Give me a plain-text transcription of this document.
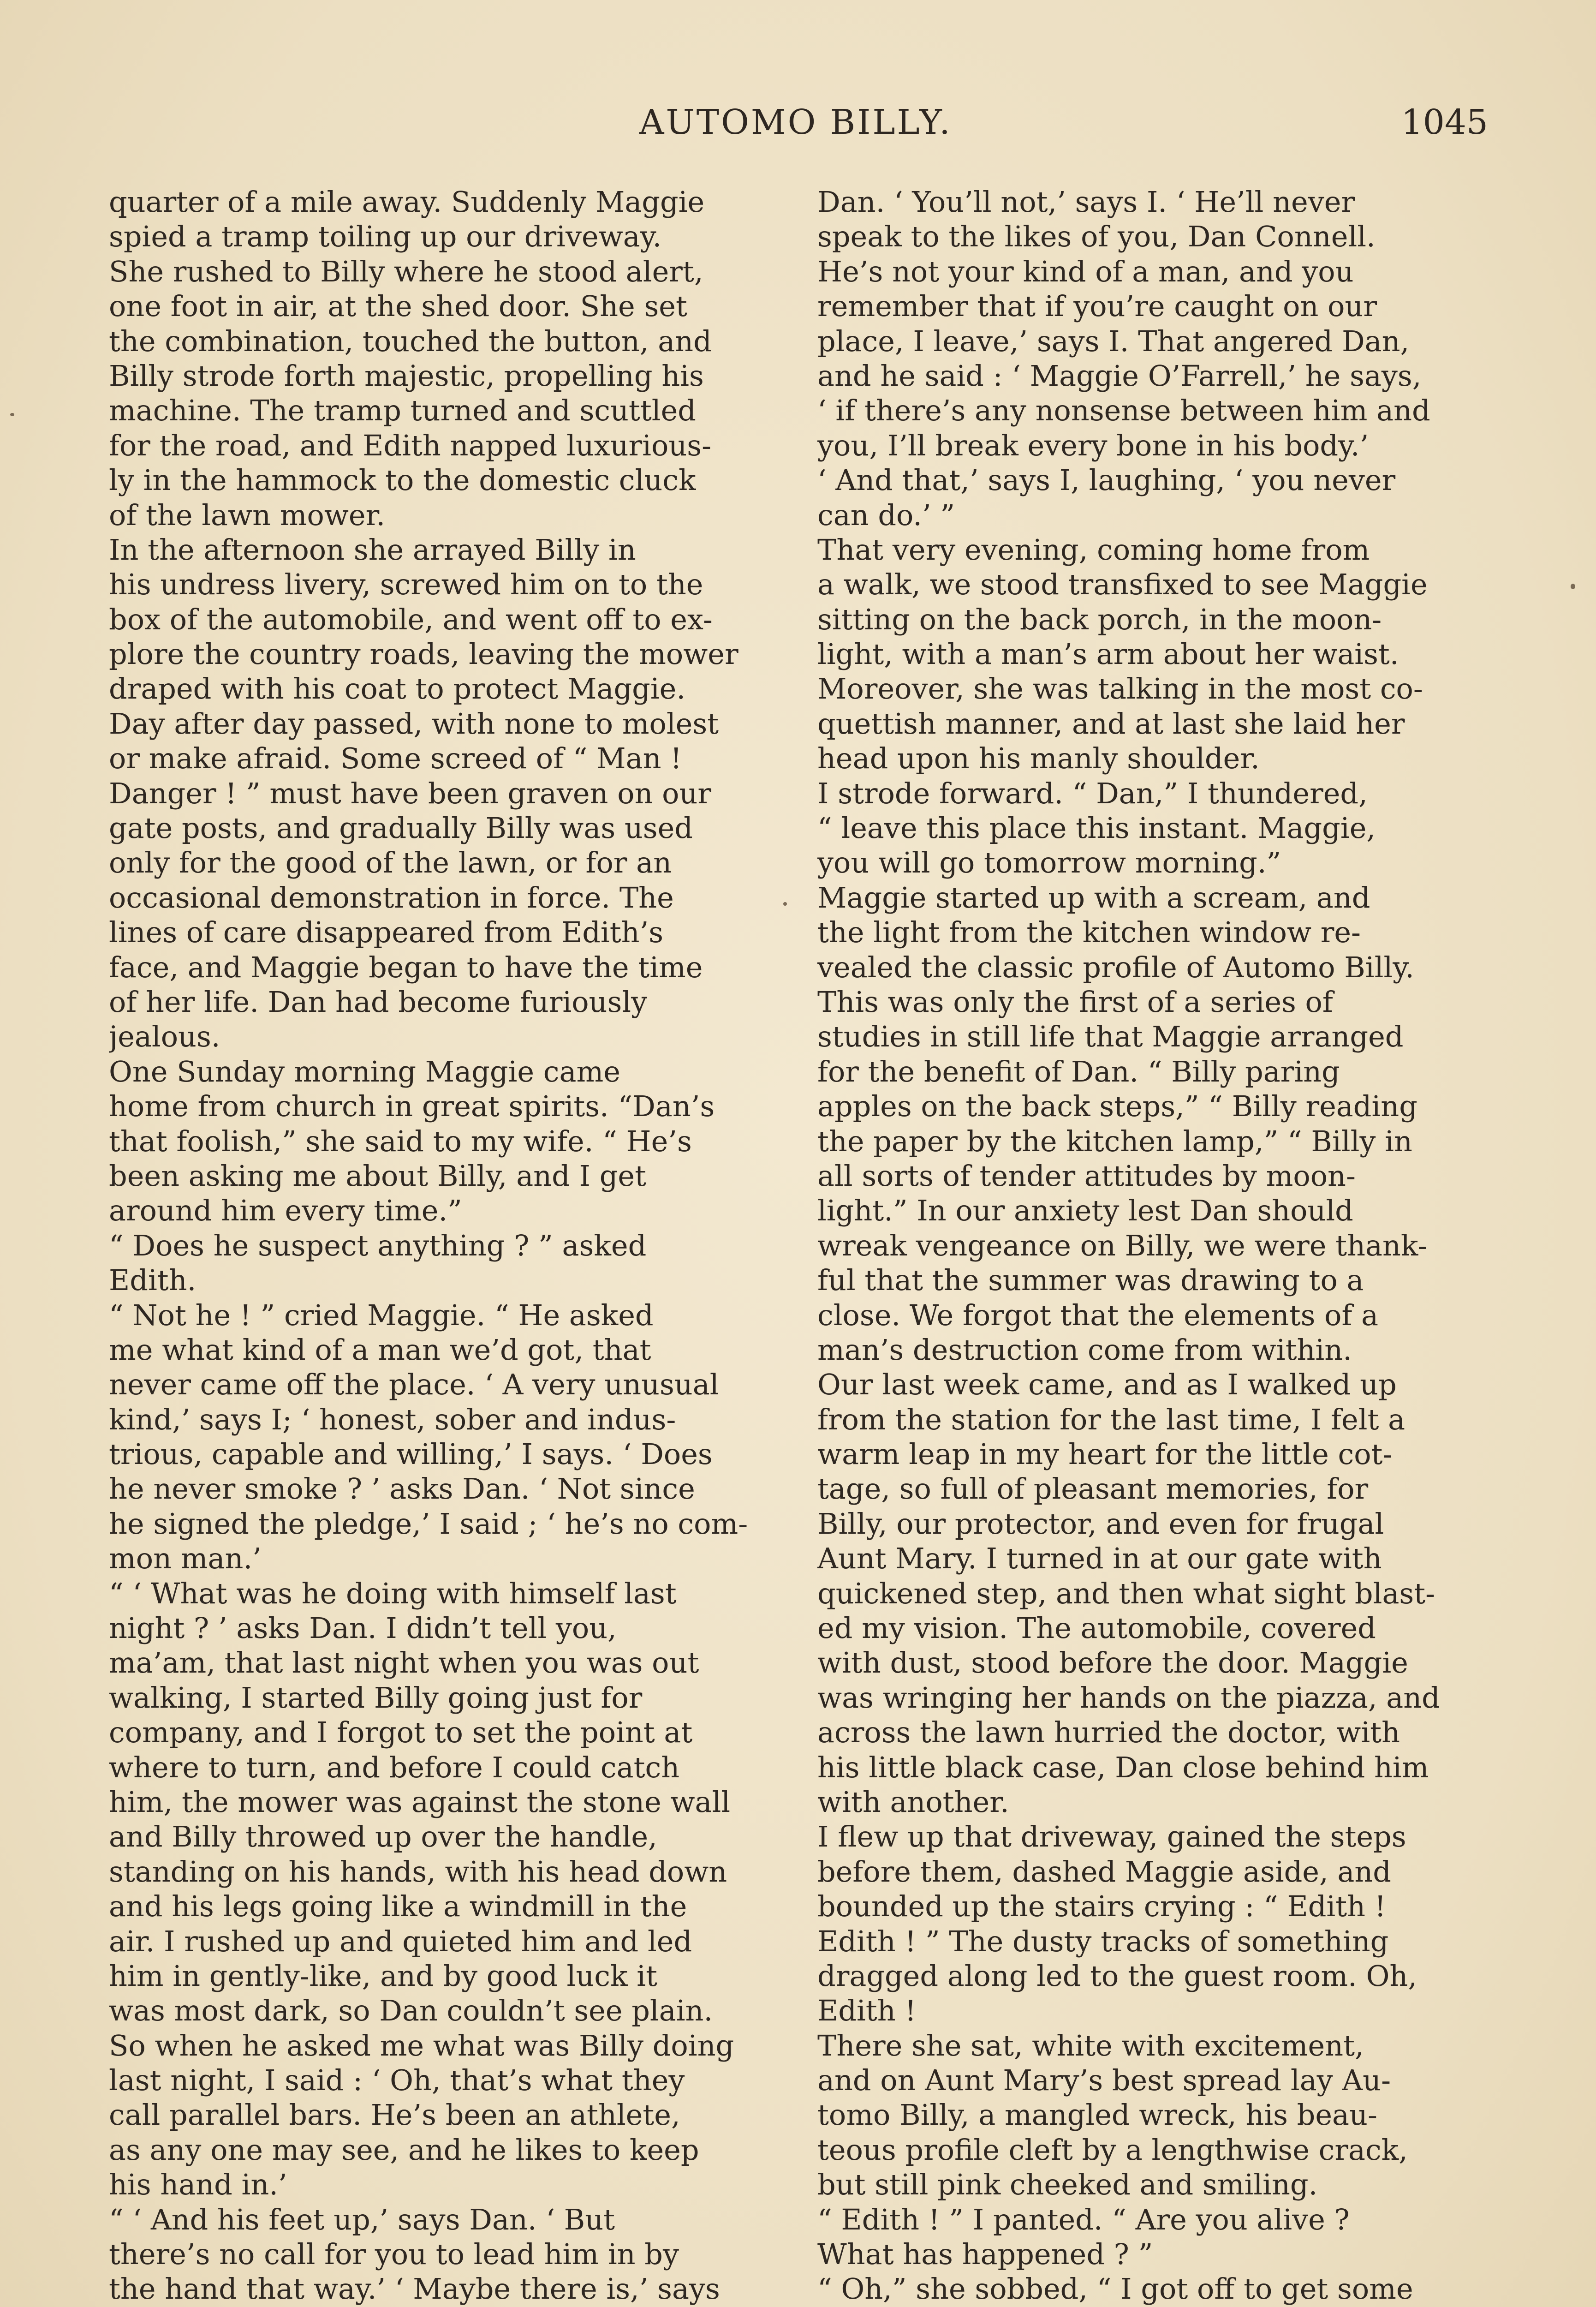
AUTOMO BILLY.	1045
quarter of a mile away. Suddenly Maggie
spied a tramp toiling up our driveway.
She rushed to Billy where he stood alert,
one foot in air, at the shed door. She set
the combination, touched the button, and
Billy strode forth majestic, propelling his
machine. The tramp turned and scuttled
for the road, and Edith napped luxurious-
ly in the hammock to the domestic cluck
of the lawn mower.
In the afternoon she arrayed Billy in
his undress livery, screwed him on to the
box of the automobile, and went off to ex-
plore the country roads, leaving the mower
draped with his coat to protect Maggie.
Day after day passed, with none to molest
or make afraid. Some screed of “ Man !
Danger ! ” must have been graven on our
gate posts, and gradually Billy was used
only for the good of the lawn, or for an
occasional demonstration in force. The
lines of care disappeared from Edith’s
face, and Maggie began to have the time
of her life. Dan had become furiously
jealous.
One Sunday morning Maggie came
home from church in great spirits. “Dan’s
that foolish,” she said to my wife. “ He’s
been asking me about Billy, and I get
around him every time.”
“ Does he suspect anything ? ” asked
Edith.
“ Not he ! ” cried Maggie. “ He asked
me what kind of a man we’d got, that
never came off the place. ‘ A very unusual
kind,’ says I; ‘ honest, sober and indus-
trious, capable and willing,’ I says. ‘ Does
he never smoke ? ’ asks Dan. ‘ Not since
he signed the pledge,’ I said ; ‘ he’s no com-
mon man.’
“ ‘ What was he doing with himself last
night ? ’ asks Dan. I didn’t tell you,
ma’am, that last night when you was out
walking, I started Billy going just for
company, and I forgot to set the point at
where to turn, and before I could catch
him, the mower was against the stone wall
and Billy throwed up over the handle,
standing on his hands, with his head down
and his legs going like a windmill in the
air. I rushed up and quieted him and led
him in gently-like, and by good luck it
was most dark, so Dan couldn’t see plain.
So when he asked me what was Billy doing
last night, I said : ‘ Oh, that’s what they
call parallel bars. He’s been an athlete,
as any one may see, and he likes to keep
his hand in.’
“ ‘ And his feet up,’ says Dan. ‘ But
there’s no call for you to lead him in by
the hand that way.’ ‘ Maybe there is,’ says
Dan. ‘ You’ll not,’ says I. ‘ He’ll never
speak to the likes of you, Dan Connell.
He’s not your kind of a man, and you
remember that if you’re caught on our
place, I leave,’ says I. That angered Dan,
and he said : ‘ Maggie O’Farrell,’ he says,
‘ if there’s any nonsense between him and
you, I’ll break every bone in his body.’
‘ And that,’ says I, laughing, ‘ you never
can do.’ ”
That very evening, coming home from
a walk, we stood transfixed to see Maggie
sitting on the back porch, in the moon-
light, with a man’s arm about her waist.
Moreover, she was talking in the most co-
quettish manner, and at last she laid her
head upon his manly shoulder.
I strode forward. “ Dan,” I thundered,
“ leave this place this instant. Maggie,
you will go tomorrow morning.”
Maggie started up with a scream, and
the light from the kitchen window re-
vealed the classic profile of Automo Billy.
This was only the first of a series of
studies in still life that Maggie arranged
for the benefit of Dan. “ Billy paring
apples on the back steps,” “ Billy reading
the paper by the kitchen lamp,” “ Billy in
all sorts of tender attitudes by moon-
light.” In our anxiety lest Dan should
wreak vengeance on Billy, we were thank-
ful that the summer was drawing to a
close. We forgot that the elements of a
man’s destruction come from within.
Our last week came, and as I walked up
from the station for the last time, I felt a
warm leap in my heart for the little cot-
tage, so full of pleasant memories, for
Billy, our protector, and even for frugal
Aunt Mary. I turned in at our gate with
quickened step, and then what sight blast-
ed my vision. The automobile, covered
with dust, stood before the door. Maggie
was wringing her hands on the piazza, and
across the lawn hurried the doctor, with
his little black case, Dan close behind him
with another.
I flew up that driveway, gained the steps
before them, dashed Maggie aside, and
bounded up the stairs crying : “ Edith !
Edith ! ” The dusty tracks of something
dragged along led to the guest room. Oh,
Edith !
There she sat, white with excitement,
and on Aunt Mary’s best spread lay Au-
tomo Billy, a mangled wreck, his beau-
teous profile cleft by a lengthwise crack,
but still pink cheeked and smiling.
“ Edith ! ” I panted. “ Are you alive ?
What has happened ? ”
“ Oh,” she sobbed, “ I got off to get some
